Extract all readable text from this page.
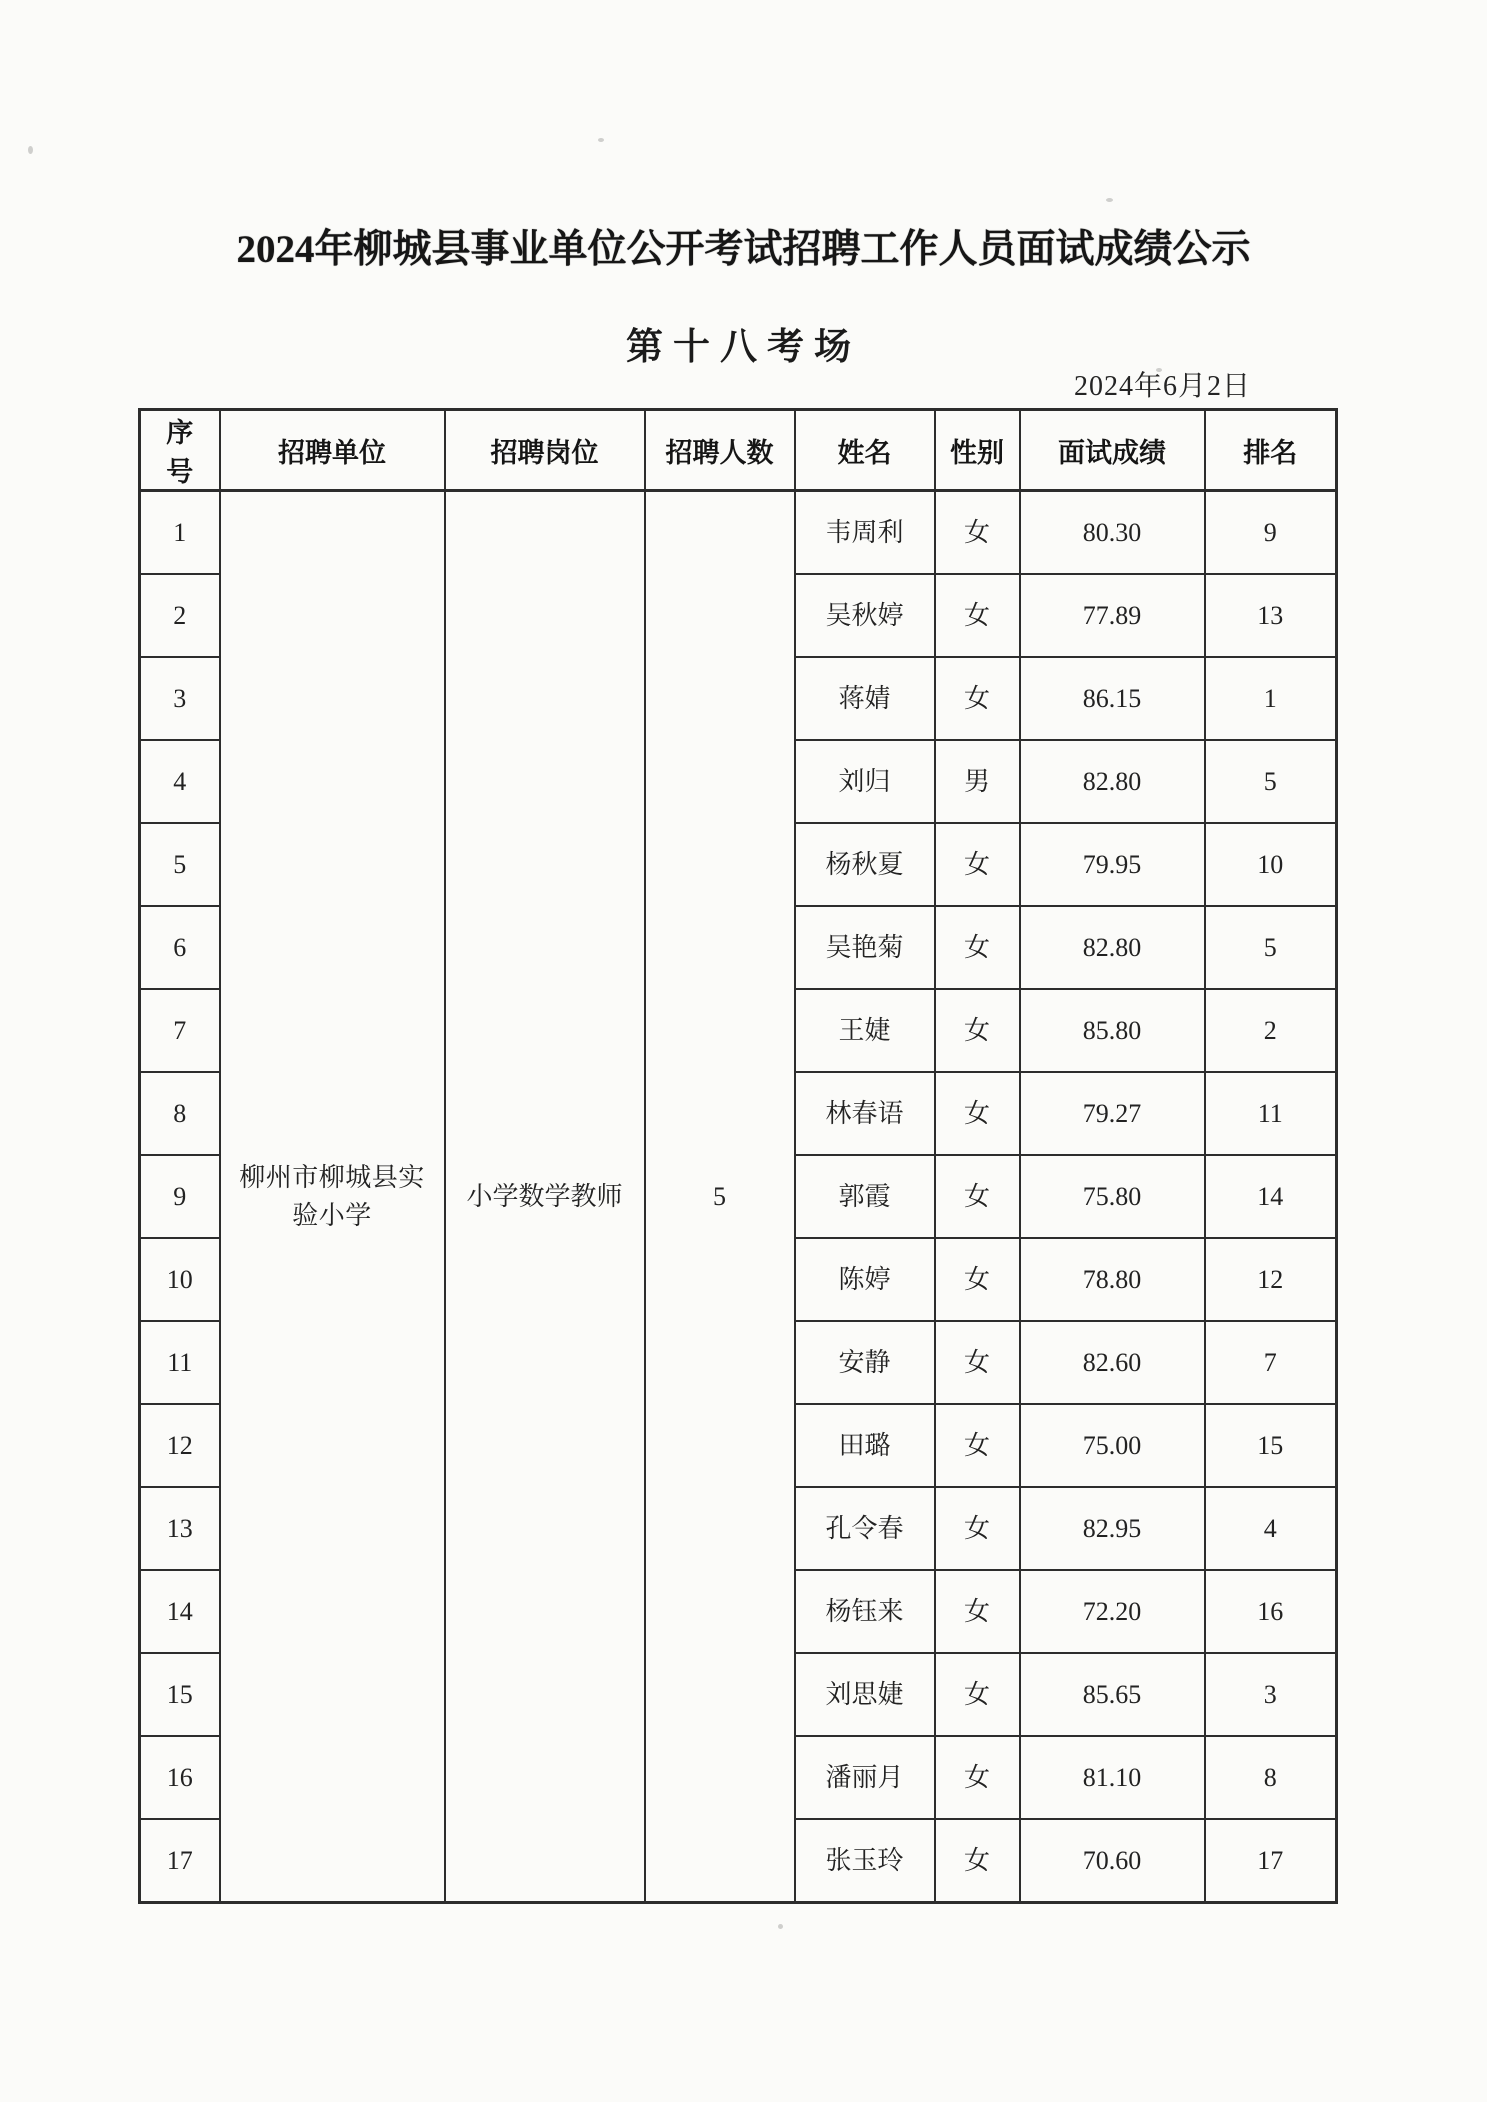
2024年柳城县事业单位公开考试招聘工作人员面试成绩公示
第十八考场
2024年6月2日
序号	招聘单位	招聘岗位	招聘人数	姓名	性别	面试成绩	排名
1	柳州市柳城县实验小学	小学数学教师	5	韦周利	女	80.30	9
2				吴秋婷	女	77.89	13
3				蒋婧	女	86.15	1
4				刘归	男	82.80	5
5				杨秋夏	女	79.95	10
6				吴艳菊	女	82.80	5
7				王婕	女	85.80	2
8				林春语	女	79.27	11
9				郭霞	女	75.80	14
10				陈婷	女	78.80	12
11				安静	女	82.60	7
12				田璐	女	75.00	15
13				孔令春	女	82.95	4
14				杨钰来	女	72.20	16
15				刘思婕	女	85.65	3
16				潘丽月	女	81.10	8
17				张玉玲	女	70.60	17
